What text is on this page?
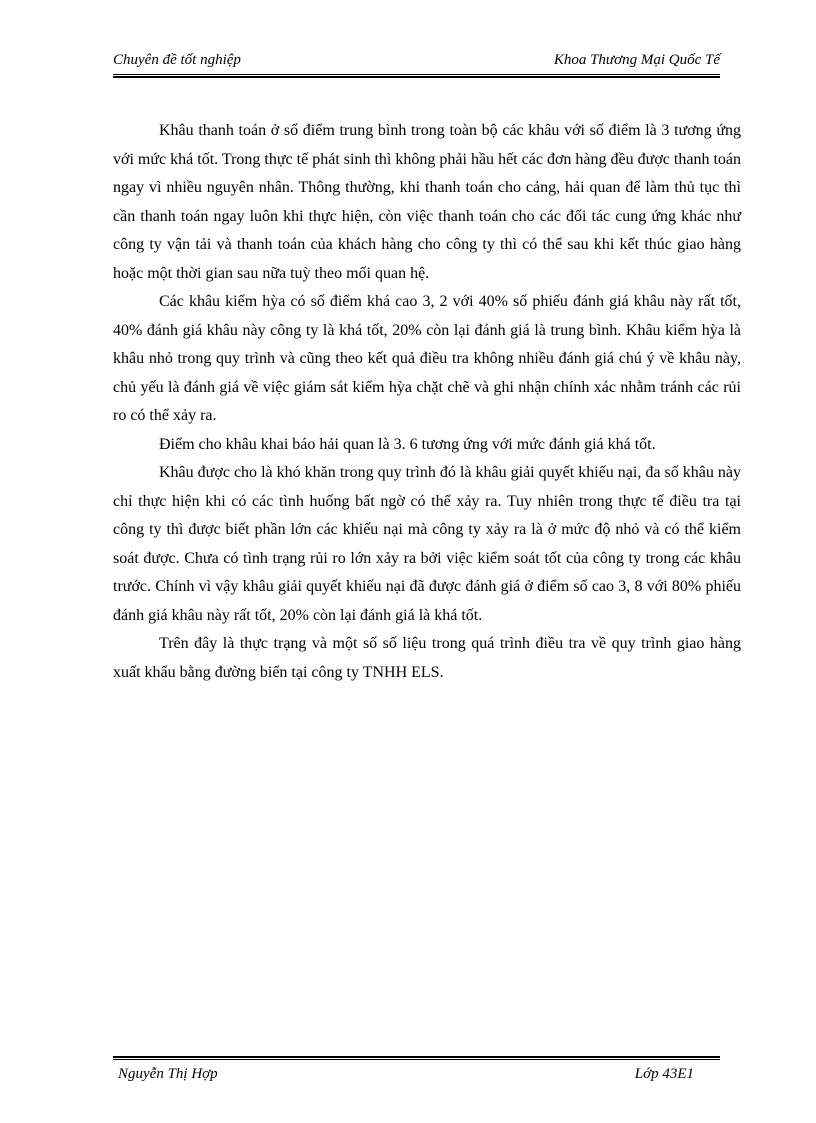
Chuyên đề tốt nghiệp	Khoa Thương Mại Quốc Tế

Khâu thanh toán ở số điểm trung bình trong toàn bộ các khâu với số điểm là 3 tương ứng với mức khá tốt. Trong thực tế phát sinh thì không phải hầu hết các đơn hàng đều được thanh toán ngay vì nhiều nguyên nhân. Thông thường, khi thanh toán cho cảng, hải quan để làm thủ tục thì cần thanh toán ngay luôn khi thực hiện, còn việc thanh toán cho các đối tác cung ứng khác như công ty vận tải và thanh toán của khách hàng cho công ty thì có thể sau khi kết thúc giao hàng hoặc một thời gian sau nữa tuỳ theo mối quan hệ.

Các khâu kiểm hỳa có số điểm khá cao 3, 2 với 40% số phiếu đánh giá khâu này rất tốt, 40% đánh giá khâu này công ty là khá tốt, 20% còn lại đánh giá là trung bình. Khâu kiểm hỳa là khâu nhỏ trong quy trình và cũng theo kết quả điều tra không nhiều đánh giá chú ý về khâu này, chủ yếu là đánh giá về việc giám sát kiểm hỳa chặt chẽ và ghi nhận chính xác nhằm tránh các rủi ro có thể xảy ra.

Điểm cho khâu khai báo hải quan là 3. 6 tương ứng với mức đánh giá khá tốt.

Khâu được cho là khó khăn trong quy trình đó là khâu giải quyết khiếu nại, đa số khâu này chỉ thực hiện khi có các tình huống bất ngờ có thể xảy ra. Tuy nhiên trong thực tế điều tra tại công ty thì được biết phần lớn các khiếu nại mà công ty xảy ra là ở mức độ nhỏ và có thể kiểm soát được. Chưa có tình trạng rủi ro lớn xảy ra bởi việc kiểm soát tốt của công ty trong các khâu trước. Chính vì vậy khâu giải quyết khiếu nại đã được đánh giá ở điểm số cao 3, 8 với 80% phiếu đánh giá khâu này rất tốt, 20% còn lại đánh giá là khá tốt.

Trên đây là thực trạng và một số số liệu trong quá trình điều tra về quy trình giao hàng xuất khẩu bằng đường biển tại công ty TNHH ELS.

Nguyễn Thị Hợp	Lớp 43E1
